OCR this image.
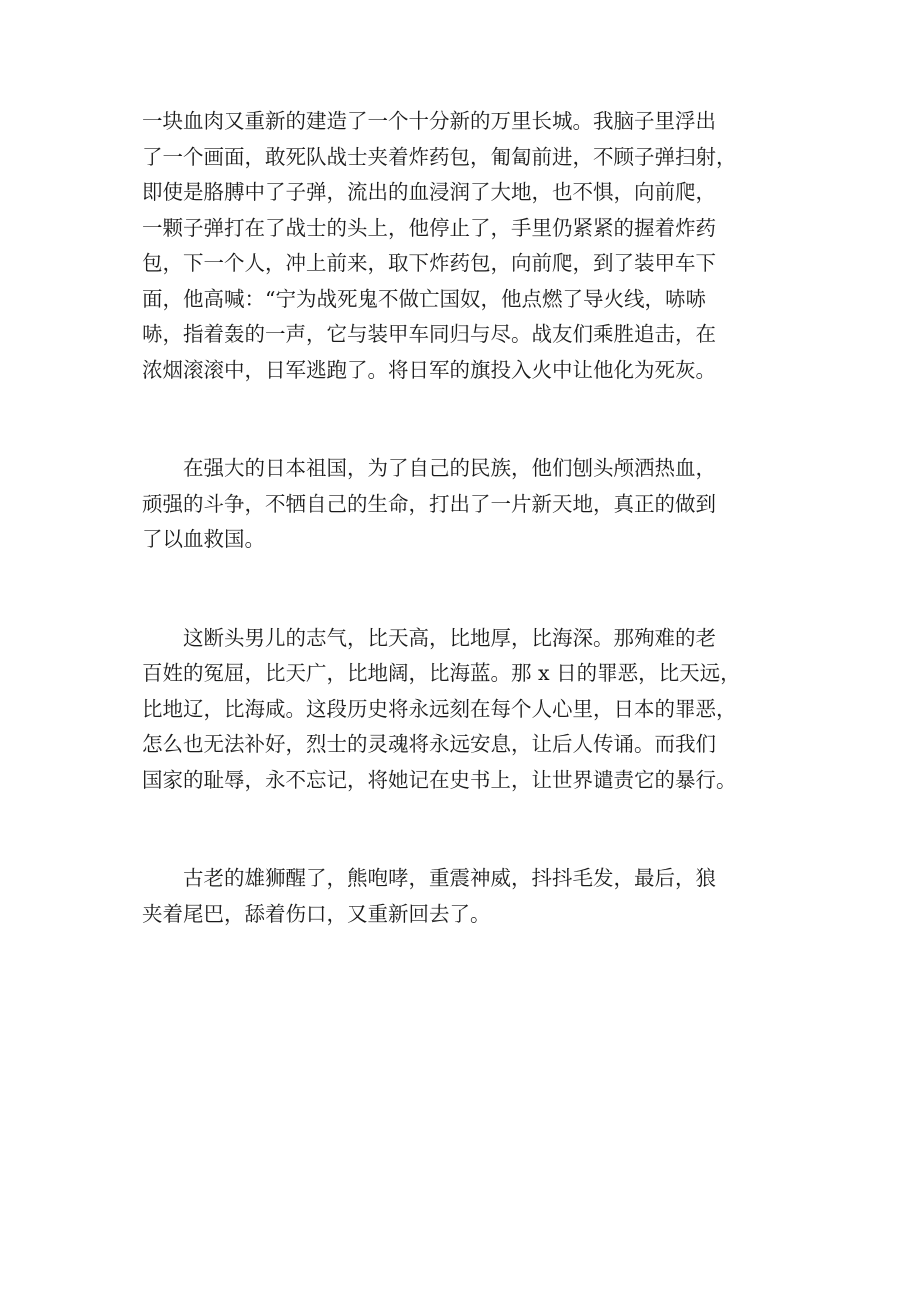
一块血肉又重新的建造了一个十分新的万里长城。我脑子里浮出
了一个画面，敢死队战士夹着炸药包，匍匐前进，不顾子弹扫射，
即使是胳膊中了子弹，流出的血浸润了大地，也不惧，向前爬，
一颗子弹打在了战士的头上，他停止了，手里仍紧紧的握着炸药
包，下一个人，冲上前来，取下炸药包，向前爬，到了装甲车下
面，他高喊：“宁为战死鬼不做亡国奴，他点燃了导火线，哧哧
哧，指着轰的一声，它与装甲车同归与尽。战友们乘胜追击，在
浓烟滚滚中，日军逃跑了。将日军的旗投入火中让他化为死灰。
　　在强大的日本祖国，为了自己的民族，他们刨头颅洒热血，
顽强的斗争，不牺自己的生命，打出了一片新天地，真正的做到
了以血救国。
　　这断头男儿的志气，比天高，比地厚，比海深。那殉难的老
百姓的冤屈，比天广，比地阔，比海蓝。那 x 日的罪恶，比天远，
比地辽，比海咸。这段历史将永远刻在每个人心里，日本的罪恶，
怎么也无法补好，烈士的灵魂将永远安息，让后人传诵。而我们
国家的耻辱，永不忘记，将她记在史书上，让世界谴责它的暴行。
　　古老的雄狮醒了，熊咆哮，重震神威，抖抖毛发，最后，狼
夹着尾巴，舔着伤口，又重新回去了。
